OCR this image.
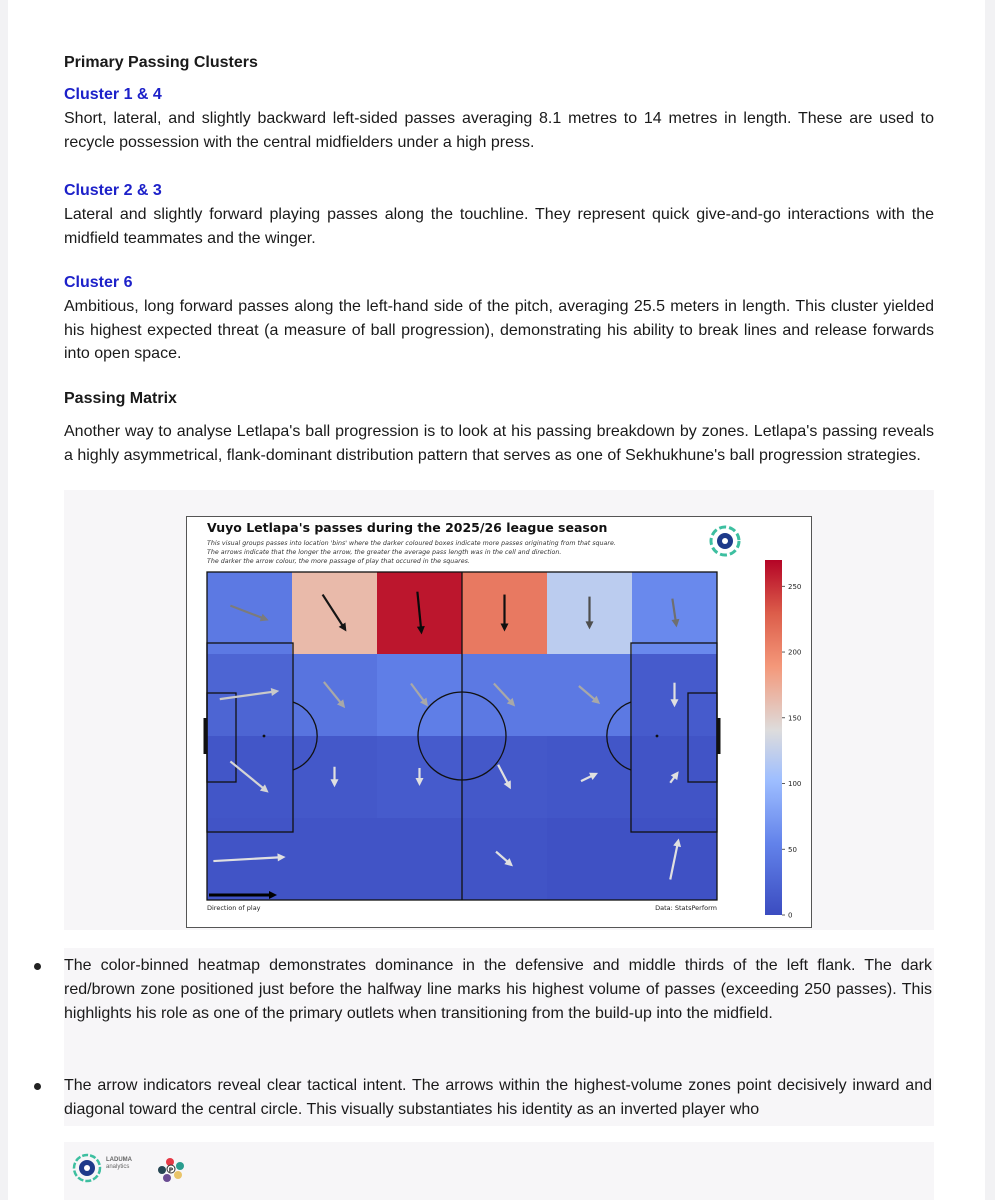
Primary Passing Clusters

Cluster 1 & 4

Short, lateral, and slightly backward left-sided passes averaging 8.1 metres to 14 metres in length. These are used to recycle possession with the central midfielders under a high press.

Cluster 2 & 3

Lateral and slightly forward playing passes along the touchline. They represent quick give-and-go interactions with the midfield teammates and the winger.

Cluster 6

Ambitious, long forward passes along the left-hand side of the pitch, averaging 25.5 meters in length. This cluster yielded his highest expected threat (a measure of ball progression), demonstrating his ability to break lines and release forwards into open space.

Passing Matrix

Another way to analyse Letlapa's ball progression is to look at his passing breakdown by zones. Letlapa's passing reveals a highly asymmetrical, flank-dominant distribution pattern that serves as one of Sekhukhune's ball progression strategies.

Vuyo Letlapa's passes during the 2025/26 league season
This visual groups passes into location 'bins' where the darker coloured boxes indicate more passes originating from that square.
The arrows indicate that the longer the arrow, the greater the average pass length was in the cell and direction.
The darker the arrow colour, the more passage of play that occured in the squares.
Direction of play	Data: StatsPerform
0
50
100
150
200
250
The color-binned heatmap demonstrates dominance in the defensive and middle thirds of the left flank. The dark red/brown zone positioned just before the halfway line marks his highest volume of passes (exceeding 250 passes). This highlights his role as one of the primary outlets when transitioning from the build-up into the midfield.
The arrow indicators reveal clear tactical intent. The arrows within the highest-volume zones point decisively inward and diagonal toward the central circle. This visually substantiates his identity as an inverted player who
P
LADUMA
analytics
